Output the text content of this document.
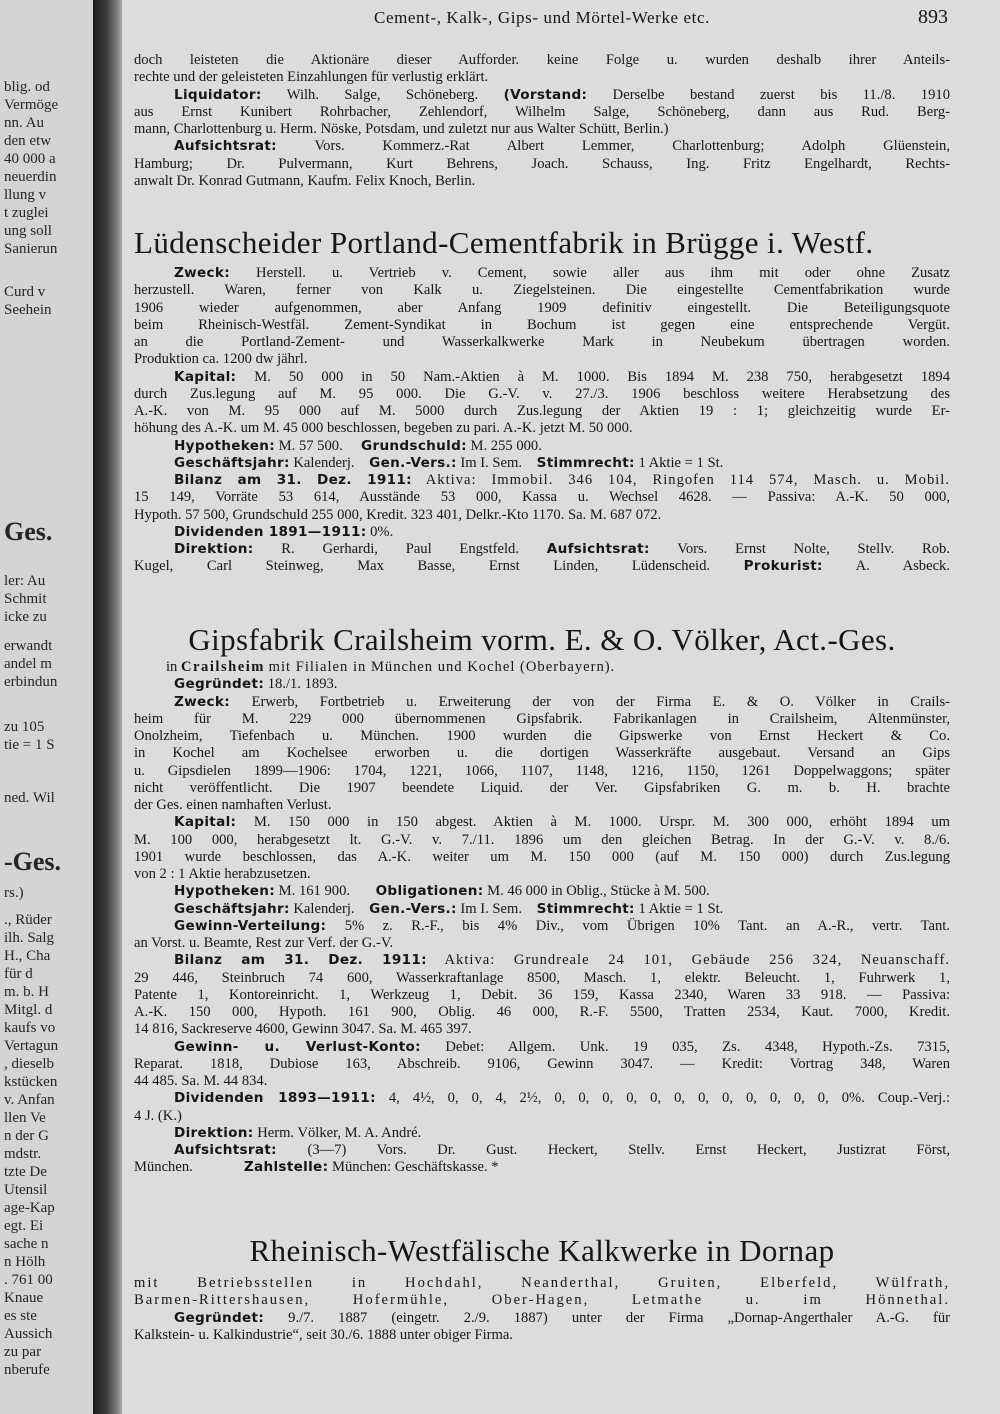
blig. od
Vermöge
nn. Au
den etw
40 000 a
neuerdin
llung v
t zuglei
ung soll
Sanierun
Curd v
Seehein
Ges.
ler: Au
Schmit
icke zu
erwandt
andel m
erbindun
zu 105
tie = 1 S
ned. Wil
-Ges.
rs.)
., Rüder
ilh. Salg
H., Cha
für d
m. b. H
Mitgl. d
kaufs vo
Vertagun
, dieselb
kstücken
v. Anfan
llen Ve
n der G
mdstr.
tzte De
Utensil
age-Kap
egt. Ei
sache n
n Hölh
. 761 00
Knaue
es ste
Aussich
zu par
nberufe
Cement-, Kalk-, Gips- und Mörtel-Werke etc.	893
doch leisteten die Aktionäre dieser Aufforder. keine Folge u. wurden deshalb ihrer Anteils-
rechte und der geleisteten Einzahlungen für verlustig erklärt.
Liquidator: Wilh. Salge, Schöneberg. (Vorstand: Derselbe bestand zuerst bis 11./8. 1910
aus Ernst Kunibert Rohrbacher, Zehlendorf, Wilhelm Salge, Schöneberg, dann aus Rud. Berg-
mann, Charlottenburg u. Herm. Nöske, Potsdam, und zuletzt nur aus Walter Schütt, Berlin.)
Aufsichtsrat:	Vors. Kommerz.-Rat Albert Lemmer, Charlottenburg; Adolph Glüenstein,
Hamburg; Dr. Pulvermann, Kurt Behrens, Joach. Schauss, Ing. Fritz Engelhardt, Rechts-
anwalt Dr. Konrad Gutmann, Kaufm. Felix Knoch, Berlin.
Lüdenscheider Portland-Cementfabrik in Brügge i. Westf.
Zweck: Herstell. u. Vertrieb v. Cement, sowie aller aus ihm mit oder ohne Zusatz
herzustell. Waren, ferner von Kalk u. Ziegelsteinen. Die eingestellte Cementfabrikation wurde
1906 wieder aufgenommen, aber Anfang 1909 definitiv eingestellt. Die Beteiligungsquote
beim Rheinisch-Westfäl. Zement-Syndikat in Bochum ist gegen eine entsprechende Vergüt.
an die Portland-Zement- und Wasserkalkwerke Mark in Neubekum übertragen worden.
Produktion ca. 1200 dw jährl.
Kapital: M. 50 000 in 50 Nam.-Aktien à M. 1000. Bis 1894 M. 238 750, herabgesetzt 1894
durch Zus.legung auf M. 95 000. Die G.-V. v. 27./3. 1906 beschloss weitere Herabsetzung des
A.-K. von M. 95 000 auf M. 5000 durch Zus.legung der Aktien 19 : 1; gleichzeitig wurde Er-
höhung des A.-K. um M. 45 000 beschlossen, begeben zu pari. A.-K. jetzt M. 50 000.
Hypotheken: M. 57 500. Grundschuld: M. 255 000.
Geschäftsjahr: Kalenderj. Gen.-Vers.: Im I. Sem. Stimmrecht: 1 Aktie = 1 St.
Bilanz am 31. Dez. 1911: Aktiva: Immobil. 346 104, Ringofen 114 574, Masch. u. Mobil.
15 149, Vorräte 53 614, Ausstände 53 000, Kassa u. Wechsel 4628. — Passiva: A.-K. 50 000,
Hypoth. 57 500, Grundschuld 255 000, Kredit. 323 401, Delkr.-Kto 1170. Sa. M. 687 072.
Dividenden 1891—1911: 0%.
Direktion: R. Gerhardi, Paul Engstfeld. Aufsichtsrat: Vors. Ernst Nolte, Stellv. Rob.
Kugel, Carl Steinweg, Max Basse, Ernst Linden, Lüdenscheid. Prokurist: A. Asbeck.
Gipsfabrik Crailsheim vorm. E. & O. Völker, Act.-Ges.
in Crailsheim mit Filialen in München und Kochel (Oberbayern).
Gegründet: 18./1. 1893.
Zweck: Erwerb, Fortbetrieb u. Erweiterung der von der Firma E. & O. Völker in Crails-
heim für M. 229 000 übernommenen Gipsfabrik. Fabrikanlagen in Crailsheim, Altenmünster,
Onolzheim, Tiefenbach u. München. 1900 wurden die Gipswerke von Ernst Heckert & Co.
in Kochel am Kochelsee erworben u. die dortigen Wasserkräfte ausgebaut. Versand an Gips
u. Gipsdielen 1899—1906: 1704, 1221, 1066, 1107, 1148, 1216, 1150, 1261 Doppelwaggons; später
nicht veröffentlicht. Die 1907 beendete Liquid. der Ver. Gipsfabriken G. m. b. H. brachte
der Ges. einen namhaften Verlust.
Kapital: M. 150 000 in 150 abgest. Aktien à M. 1000. Urspr. M. 300 000, erhöht 1894 um
M. 100 000, herabgesetzt lt. G.-V. v. 7./11. 1896 um den gleichen Betrag. In der G.-V. v. 8./6.
1901 wurde beschlossen, das A.-K. weiter um M. 150 000 (auf M. 150 000) durch Zus.legung
von 2 : 1 Aktie herabzusetzen.
Hypotheken: M. 161 900. Obligationen: M. 46 000 in Oblig., Stücke à M. 500.
Geschäftsjahr: Kalenderj. Gen.-Vers.: Im I. Sem. Stimmrecht: 1 Aktie = 1 St.
Gewinn-Verteilung: 5% z. R.-F., bis 4% Div., vom Übrigen 10% Tant. an A.-R., vertr. Tant.
an Vorst. u. Beamte, Rest zur Verf. der G.-V.
Bilanz am 31. Dez. 1911: Aktiva: Grundreale 24 101, Gebäude 256 324, Neuanschaff.
29 446, Steinbruch 74 600, Wasserkraftanlage 8500, Masch. 1, elektr. Beleucht. 1, Fuhrwerk 1,
Patente 1, Kontoreinricht. 1, Werkzeug 1, Debit. 36 159, Kassa 2340, Waren 33 918. — Passiva:
A.-K. 150 000, Hypoth. 161 900, Oblig. 46 000, R.-F. 5500, Tratten 2534, Kaut. 7000, Kredit.
14 816, Sackreserve 4600, Gewinn 3047. Sa. M. 465 397.
Gewinn- u. Verlust-Konto: Debet: Allgem. Unk. 19 035, Zs. 4348, Hypoth.-Zs. 7315,
Reparat. 1818, Dubiose 163, Abschreib. 9106, Gewinn 3047. — Kredit: Vortrag 348, Waren
44 485. Sa. M. 44 834.
Dividenden 1893—1911: 4, 4½, 0, 0, 4, 2½, 0, 0, 0, 0, 0, 0, 0, 0, 0, 0, 0, 0, 0%. Coup.-Verj.:
4 J. (K.)
Direktion: Herm. Völker, M. A. André.
Aufsichtsrat: (3—7) Vors. Dr. Gust. Heckert, Stellv. Ernst Heckert, Justizrat Först,
München.	Zahlstelle: München: Geschäftskasse. *
Rheinisch-Westfälische Kalkwerke in Dornap
mit Betriebsstellen in Hochdahl, Neanderthal, Gruiten, Elberfeld, Wülfrath,
Barmen-Rittershausen, Hofermühle, Ober-Hagen, Letmathe u. im Hönnethal.
Gegründet: 9./7. 1887 (eingetr. 2./9. 1887) unter der Firma „Dornap-Angerthaler A.-G. für
Kalkstein- u. Kalkindustrie“, seit 30./6. 1888 unter obiger Firma.
